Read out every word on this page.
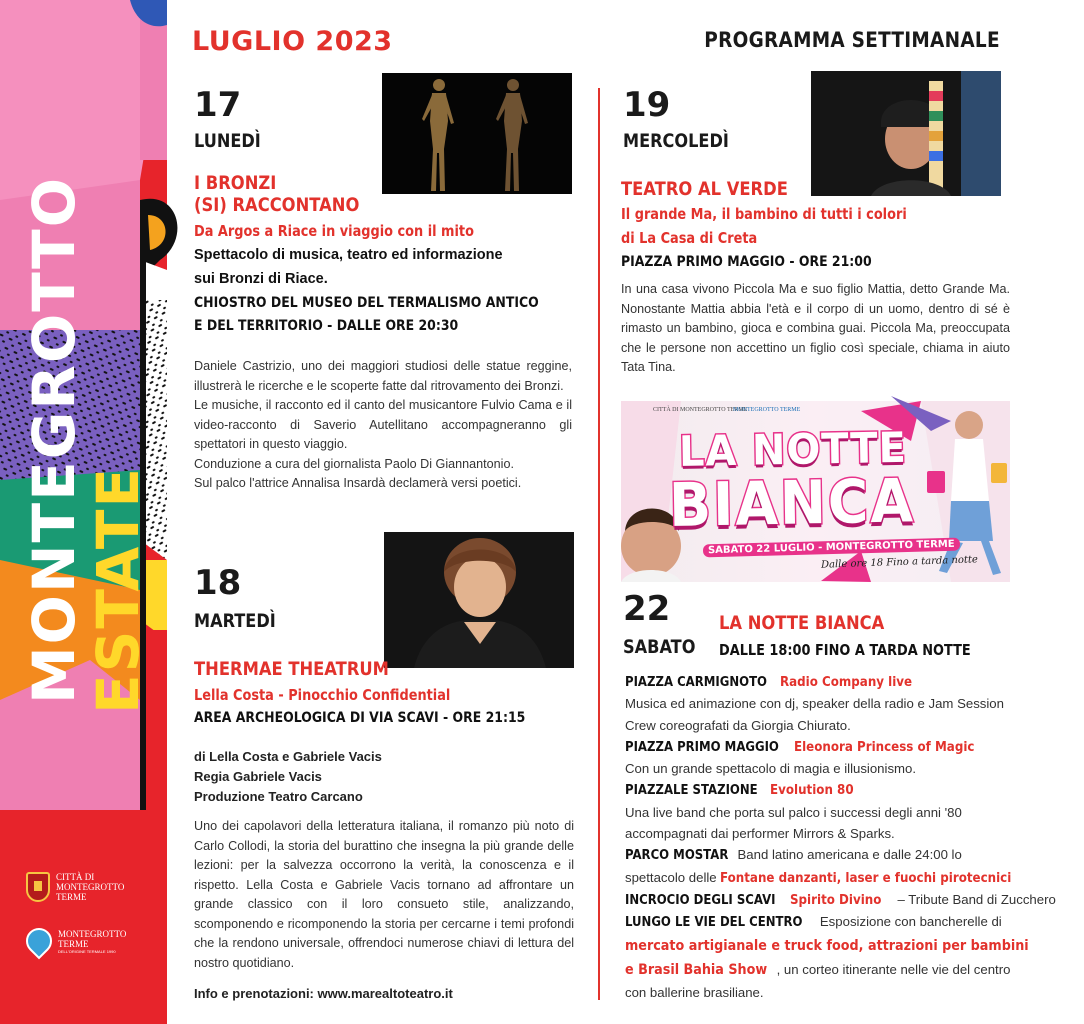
MONTEGROTTO
ESTATE
CITTÀ DI
MONTEGROTTO
TERME
MONTEGROTTO
TERME
DELL'ORIGINE TERMALE 1990
LUGLIO 2023	PROGRAMMA SETTIMANALE
17
LUNEDÌ
I BRONZI
(SI) RACCONTANO
Da Argos a Riace in viaggio con il mito
Spettacolo di musica, teatro ed informazione
sui Bronzi di Riace.
CHIOSTRO DEL MUSEO DEL TERMALISMO ANTICO
E DEL TERRITORIO - DALLE ORE 20:30

Daniele Castrizio, uno dei maggiori studiosi delle statue reggine, illustrerà le ricerche e le scoperte fatte dal ritrovamento dei Bronzi.

Le musiche, il racconto ed il canto del musicantore Fulvio Cama e il video-racconto di Saverio Autellitano accompagneranno gli spettatori in questo viaggio.

Conduzione a cura del giornalista Paolo Di Giannantonio.

Sul palco l'attrice Annalisa Insardà declamerà versi poetici.

18
MARTEDÌ
THERMAE THEATRUM
Lella Costa - Pinocchio Confidential
AREA ARCHEOLOGICA DI VIA SCAVI - ORE 21:15
di Lella Costa e Gabriele Vacis
Regia Gabriele Vacis
Produzione Teatro Carcano

Uno dei capolavori della letteratura italiana, il romanzo più noto di Carlo Collodi, la storia del burattino che insegna la più grande delle lezioni: per la salvezza occorrono la verità, la conoscenza e il rispetto. Lella Costa e Gabriele Vacis tornano ad affrontare un grande classico con il loro consueto stile, analizzando, scomponendo e ricomponendo la storia per cercarne i temi profondi che la rendono universale, offrendoci numerose chiavi di lettura del nostro quotidiano.

Info e prenotazioni: www.marealtoteatro.it
19
MERCOLEDÌ
TEATRO AL VERDE
Il grande Ma, il bambino di tutti i colori
di La Casa di Creta
PIAZZA PRIMO MAGGIO - ORE 21:00

In una casa vivono Piccola Ma e suo figlio Mattia, detto Grande Ma. Nonostante Mattia abbia l'età e il corpo di un uomo, dentro di sé è rimasto un bambino, gioca e combina guai. Piccola Ma, preoccupata che le persone non accettino un figlio così speciale, chiama in aiuto Tata Tina.

CITTÀ DI MONTEGROTTO TERME
MONTEGROTTO TERME
LA NOTTE
BIANCA
SABATO 22 LUGLIO - MONTEGROTTO TERME
Dalle ore 18 Fino a tarda notte
22
SABATO
LA NOTTE BIANCA
DALLE 18:00 FINO A TARDA NOTTE
PIAZZA CARMIGNOTO Radio Company live
Musica ed animazione con dj, speaker della radio e Jam Session
Crew coreografati da Giorgia Chiurato.
PIAZZA PRIMO MAGGIO Eleonora Princess of Magic
Con un grande spettacolo di magia e illusionismo.
PIAZZALE STAZIONE Evolution 80
Una live band che porta sul palco i successi degli anni '80
accompagnati dai performer Mirrors & Sparks.
PARCO MOSTAR Band latino americana e dalle 24:00 lo
spettacolo delle Fontane danzanti, laser e fuochi pirotecnici
INCROCIO DEGLI SCAVI Spirito Divino – Tribute Band di Zucchero
LUNGO LE VIE DEL CENTRO Esposizione con bancherelle di
mercato artigianale e truck food, attrazioni per bambini
e Brasil Bahia Show , un corteo itinerante nelle vie del centro
con ballerine brasiliane.
